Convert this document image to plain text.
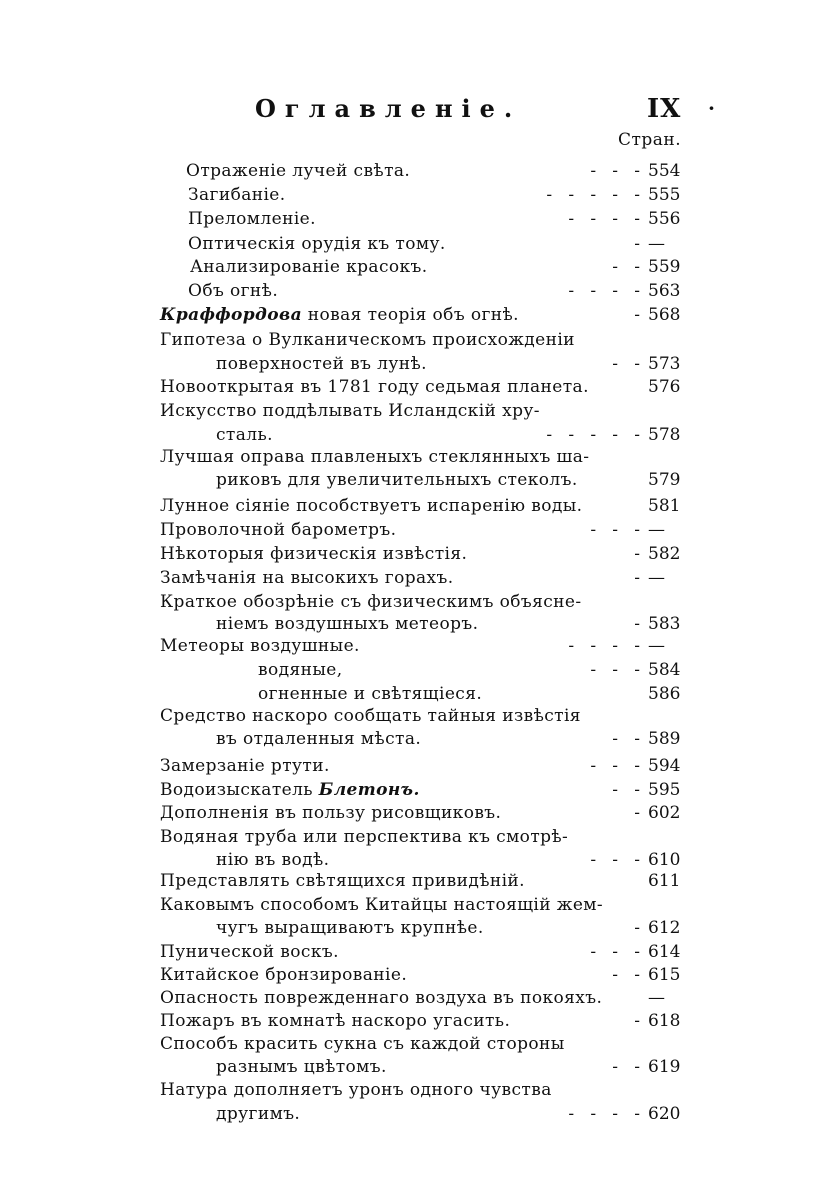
Оглавленіе.	IX ·
Стран.
Отраженіе лучей свѣта.	-   -   - 554
Загибаніе.	-   -   -   -   - 555
Преломленіе.	-   -   -   - 556
Оптическія орудія къ тому.	- —
Анализированіе красокъ.	-   - 559
Объ огнѣ.	-   -   -   - 563
Краффордова новая теорія объ огнѣ.	- 568
Гипотеза о Вулканическомъ происхожденіи
поверхностей въ лунѣ.	-   - 573
Новооткрытая въ 1781 году седьмая планета.	576
Искусство поддѣлывать Исландскій хру-
сталь.	-   -   -   -   - 578
Лучшая оправа плавленыхъ стеклянныхъ ша-
риковъ для увеличительныхъ стеколъ.	579
Лунное сіяніе пособствуетъ испаренію воды.	581
Проволочной барометръ.	-   -   - —
Нѣкоторыя физическія извѣстія.	- 582
Замѣчанія на высокихъ горахъ.	- —
Краткое обозрѣніе съ физическимъ объясне-
ніемъ воздушныхъ метеоръ.	- 583
Метеоры воздушные.	-   -   -   - —
водяные,	-   -   - 584
огненные и свѣтящіеся.	586
Средство наскоро сообщать тайныя извѣстія
въ отдаленныя мѣста.	-   - 589
Замерзаніе ртути.	-   -   - 594
Водоизыскатель Блетонъ.	-   - 595
Дополненія въ пользу рисовщиковъ.	- 602
Водяная труба или перспектива къ смотрѣ-
нію въ водѣ.	-   -   - 610
Представлять свѣтящихся привидѣній.	611
Каковымъ способомъ Китайцы настоящій жем-
чугъ выращиваютъ крупнѣе.	- 612
Пуническoй воскъ.	-   -   - 614
Китайское бронзированіе.	-   - 615
Опасность поврежденнаго воздуха въ покояхъ.	—
Пожаръ въ комнатѣ наскоро угасить.	- 618
Способъ красить сукна съ каждой стороны
разнымъ цвѣтомъ.	-   - 619
Натура дополняетъ уронъ одного чувства
другимъ.	-   -   -   - 620
